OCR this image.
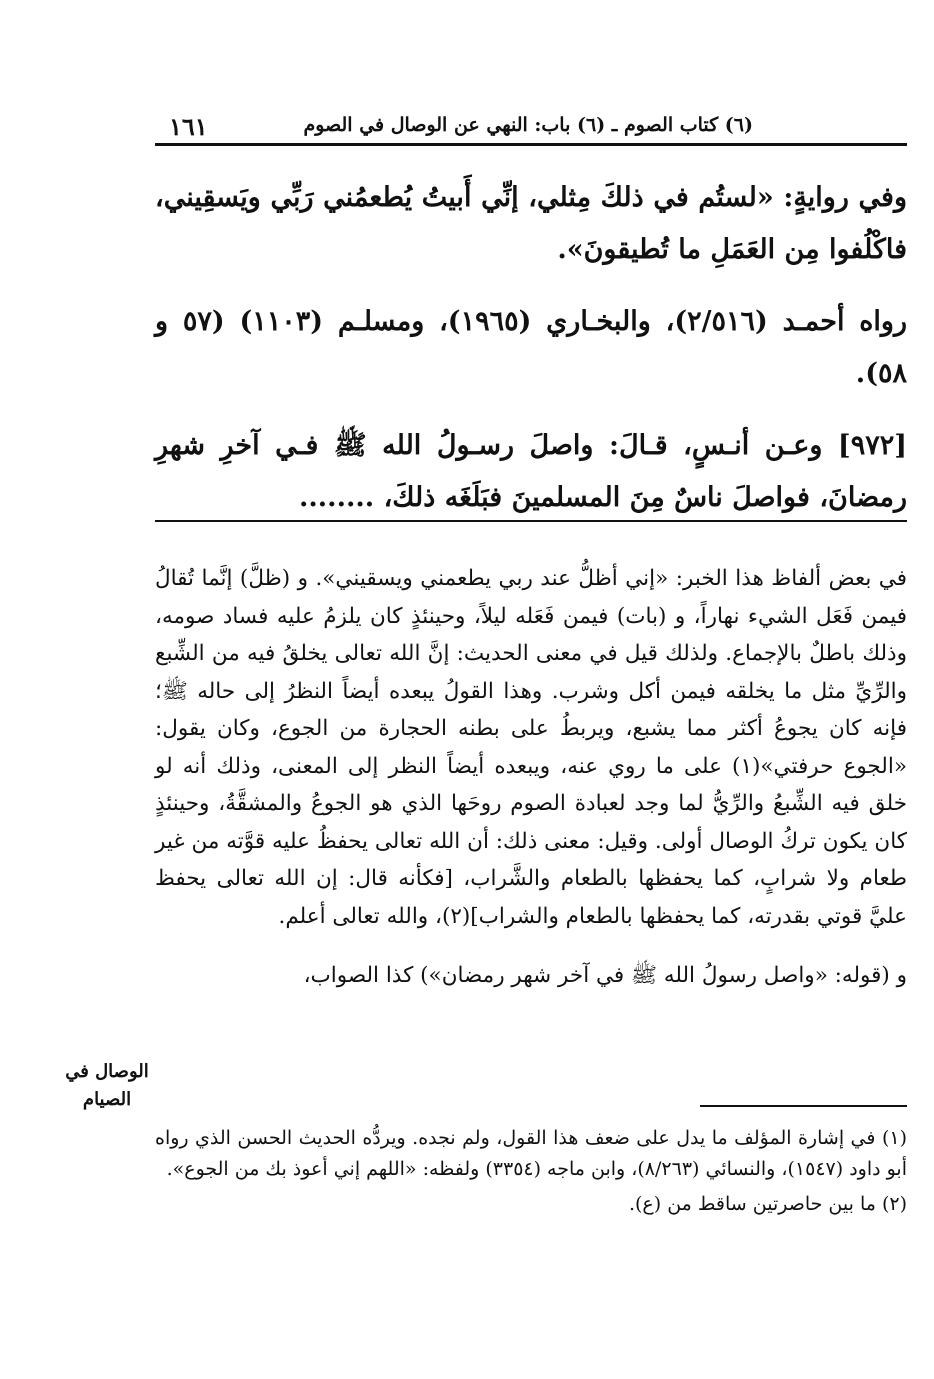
(٦) كتاب الصوم ـ (٦) باب: النهي عن الوصال في الصوم
١٦١

وفي روايةٍ: «لستُم في ذلكَ مِثلي، إنِّي أَبيتُ يُطعمُني رَبِّي ويَسقِيني، فاكْلُفوا مِن العَمَلِ ما تُطيقونَ».

رواه أحمـد (٢/٥١٦)، والبخـاري (١٩٦٥)، ومسلـم (١١٠٣) (٥٧ و ٥٨).

[٩٧٢] وعـن أنـسٍ، قـالَ: واصلَ رسـولُ الله ﷺ فـي آخرِ شهرِ رمضانَ، فواصلَ ناسٌ مِنَ المسلمينَ فبَلَغَه ذلكَ، ........

في بعض ألفاظ هذا الخبر: «إني أظلُّ عند ربي يطعمني ويسقيني». و (ظلَّ) إنَّما تُقالُ فيمن فَعَل الشيء نهاراً، و (بات) فيمن فَعَله ليلاً، وحينئذٍ كان يلزمُ عليه فساد صومه، وذلك باطلٌ بالإجماع. ولذلك قيل في معنى الحديث: إنَّ الله تعالى يخلقُ فيه من الشِّبع والرِّيِّ مثل ما يخلقه فيمن أكل وشرب. وهذا القولُ يبعده أيضاً النظرُ إلى حاله ﷺ؛ فإنه كان يجوعُ أكثر مما يشبع، ويربطُ على بطنه الحجارة من الجوع، وكان يقول: «الجوع حرفتي»(١) على ما روي عنه، ويبعده أيضاً النظر إلى المعنى، وذلك أنه لو خلق فيه الشِّبعُ والرِّيُّ لما وجد لعبادة الصوم روحَها الذي هو الجوعُ والمشقَّةُ، وحينئذٍ كان يكون تركُ الوصال أولى. وقيل: معنى ذلك: أن الله تعالى يحفظُ عليه قوَّته من غير طعام ولا شرابٍ، كما يحفظها بالطعام والشَّراب، [فكأنه قال: إن الله تعالى يحفظ عليَّ قوتي بقدرته، كما يحفظها بالطعام والشراب](٢)، والله تعالى أعلم.

و (قوله: «واصل رسولُ الله ﷺ في آخر شهر رمضان») كذا الصواب،

الوصال في الصيام

(١) في إشارة المؤلف ما يدل على ضعف هذا القول، ولم نجده. ويردُّه الحديث الحسن الذي رواه أبو داود (١٥٤٧)، والنسائي (٨/٢٦٣)، وابن ماجه (٣٣٥٤) ولفظه: «اللهم إني أعوذ بك من الجوع».

(٢) ما بين حاصرتين ساقط من (ع).
